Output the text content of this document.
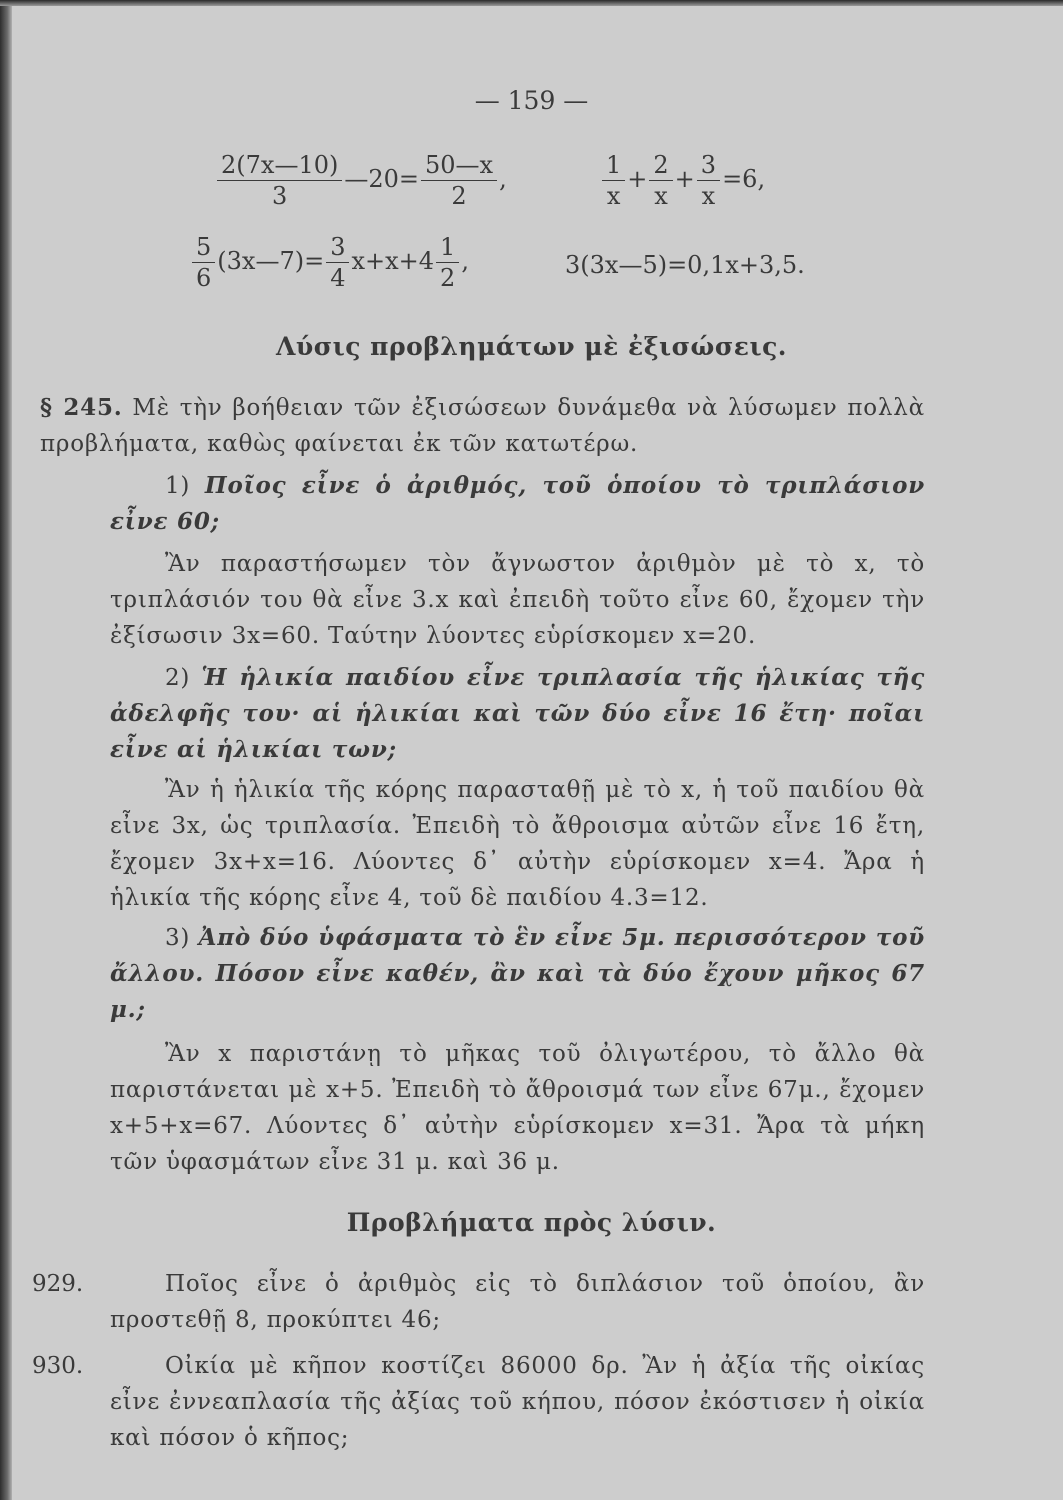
— 159 —
$\frac{2(7x—10)}{3}$ —20= $\frac{50—x}{2}$ ,	$\frac{1}{x} + \frac{2}{x} + \frac{3}{x} =6$,
$\frac{5}{6}$ (3x—7)= $\frac{3}{4} x+x+4 \frac{1}{2}$ ,	3(3x—5)=0,1x+3,5.
Λύσις προβλημάτων μὲ ἐξισώσεις.
§ 245. Μὲ τὴν βοήθειαν τῶν ἐξισώσεων δυνάμεθα νὰ λύσωμεν πολλὰ προβλήματα, καθὼς φαίνεται ἐκ τῶν κατωτέρω.
1) Ποῖος εἶνε ὁ ἀριθμός, τοῦ ὁποίου τὸ τριπλάσιον εἶνε 60;
Ἂν παραστήσωμεν τὸν ἄγνωστον ἀριθμὸν μὲ τὸ x, τὸ τριπλάσιόν του θὰ εἶνε 3.x καὶ ἐπειδὴ τοῦτο εἶνε 60, ἔχομεν τὴν ἐξίσωσιν 3x=60. Ταύτην λύοντες εὑρίσκομεν x=20.
2) Ἡ ἡλικία παιδίου εἶνε τριπλασία τῆς ἡλικίας τῆς ἀδελφῆς του· αἱ ἡλικίαι καὶ τῶν δύο εἶνε 16 ἔτη· ποῖαι εἶνε αἱ ἡλικίαι των;
Ἂν ἡ ἡλικία τῆς κόρης παρασταθῇ μὲ τὸ x, ἡ τοῦ παιδίου θὰ εἶνε 3x, ὡς τριπλασία. Ἐπειδὴ τὸ ἄθροισμα αὐτῶν εἶνε 16 ἔτη, ἔχομεν 3x+x=16. Λύοντες δ᾽ αὐτὴν εὑρίσκομεν x=4. Ἄρα ἡ ἡλικία τῆς κόρης εἶνε 4, τοῦ δὲ παιδίου 4.3=12.
3) Ἀπὸ δύο ὑφάσματα τὸ ἓν εἶνε 5μ. περισσότερον τοῦ ἄλλου. Πόσον εἶνε καθέν, ἂν καὶ τὰ δύο ἔχουν μῆκος 67 μ.;
Ἂν x παριστάνῃ τὸ μῆκας τοῦ ὀλιγωτέρου, τὸ ἄλλο θὰ παριστάνεται μὲ x+5. Ἐπειδὴ τὸ ἄθροισμά των εἶνε 67μ., ἔχομεν x+5+x=67. Λύοντες δ᾽ αὐτὴν εὑρίσκομεν x=31. Ἄρα τὰ μήκη τῶν ὑφασμάτων εἶνε 31 μ. καὶ 36 μ.
Προβλήματα πρὸς λύσιν.
929.	Ποῖος εἶνε ὁ ἀριθμὸς εἰς τὸ διπλάσιον τοῦ ὁποίου, ἂν προστεθῇ 8, προκύπτει 46;
930.	Οἰκία μὲ κῆπον κοστίζει 86000 δρ. Ἂν ἡ ἀξία τῆς οἰκίας εἶνε ἐννεαπλασία τῆς ἀξίας τοῦ κήπου, πόσον ἐκόστισεν ἡ οἰκία καὶ πόσον ὁ κῆπος;
